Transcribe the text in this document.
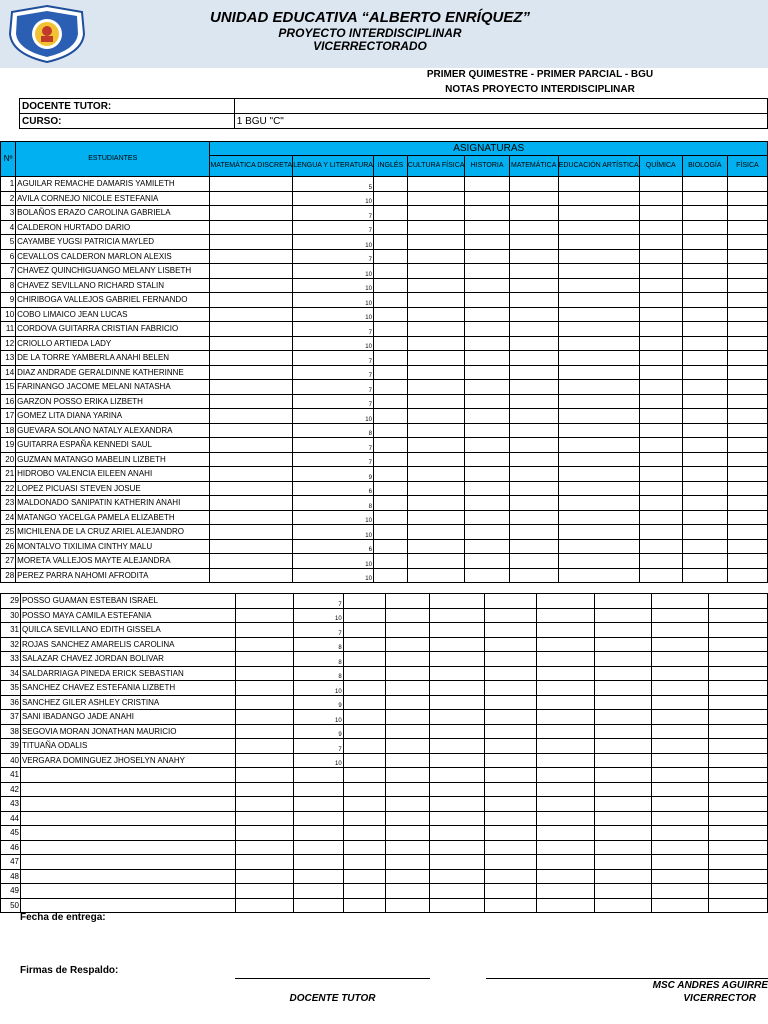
UNIDAD EDUCATIVA “ALBERTO ENRÍQUEZ”
PROYECTO INTERDISCIPLINAR
VICERRECTORADO
PRIMER QUIMESTRE - PRIMER PARCIAL - BGU
NOTAS PROYECTO INTERDISCIPLINAR
DOCENTE TUTOR:	
CURSO:	1 BGU "C"
Nº	ESTUDIANTES	ASIGNATURAS									
		MATEMÁTICA DISCRETA	LENGUA Y LITERATURA	INGLÉS	CULTURA FÍSICA	HISTORIA	MATEMÁTICA	EDUCACIÓN ARTÍSTICA	QUÍMICA	BIOLOGÍA	FÍSICA
1	AGUILAR REMACHE DAMARIS YAMILETH		5								
2	AVILA CORNEJO NICOLE ESTEFANIA		10								
3	BOLAÑOS ERAZO CAROLINA GABRIELA		7								
4	CALDERON HURTADO DARIO		7								
5	CAYAMBE YUGSI PATRICIA MAYLED		10								
6	CEVALLOS CALDERON MARLON ALEXIS		7								
7	CHAVEZ QUINCHIGUANGO MELANY LISBETH		10								
8	CHAVEZ SEVILLANO RICHARD STALIN		10								
9	CHIRIBOGA VALLEJOS GABRIEL FERNANDO		10								
10	COBO LIMAICO JEAN LUCAS		10								
11	CORDOVA GUITARRA CRISTIAN FABRICIO		7								
12	CRIOLLO ARTIEDA LADY		10								
13	DE LA TORRE YAMBERLA ANAHI BELEN		7								
14	DIAZ ANDRADE GERALDINNE KATHERINNE		7								
15	FARINANGO JACOME MELANI NATASHA		7								
16	GARZON POSSO ERIKA LIZBETH		7								
17	GOMEZ LITA DIANA YARINA		10								
18	GUEVARA SOLANO NATALY ALEXANDRA		8								
19	GUITARRA ESPAÑA KENNEDI SAUL		7								
20	GUZMAN MATANGO MABELIN LIZBETH		7								
21	HIDROBO VALENCIA EILEEN ANAHI		9								
22	LOPEZ PICUASI STEVEN JOSUE		6								
23	MALDONADO SANIPATIN KATHERIN ANAHI		8								
24	MATANGO YACELGA PAMELA ELIZABETH		10								
25	MICHILENA DE LA CRUZ ARIEL ALEJANDRO		10								
26	MONTALVO TIXILIMA CINTHY MALU		6								
27	MORETA VALLEJOS MAYTE ALEJANDRA		10								
28	PEREZ PARRA NAHOMI AFRODITA		10								
29	POSSO GUAMAN ESTEBAN ISRAEL		7								
30	POSSO MAYA CAMILA ESTEFANIA		10								
31	QUILCA SEVILLANO EDITH GISSELA		7								
32	ROJAS SANCHEZ AMARELIS CAROLINA		8								
33	SALAZAR CHAVEZ JORDAN BOLIVAR		8								
34	SALDARRIAGA PINEDA ERICK SEBASTIAN		8								
35	SANCHEZ CHAVEZ ESTEFANIA LIZBETH		10								
36	SANCHEZ GILER ASHLEY CRISTINA		9								
37	SANI IBADANGO JADE ANAHI		10								
38	SEGOVIA MORAN JONATHAN MAURICIO		9								
39	TITUAÑA ODALIS		7								
40	VERGARA DOMINGUEZ JHOSELYN ANAHY		10								
41											
42											
43											
44											
45											
46											
47											
48											
49											
50											
Fecha de entrega:
Firmas de Respaldo:
DOCENTE TUTOR
MSC ANDRES AGUIRRE
VICERRECTOR
